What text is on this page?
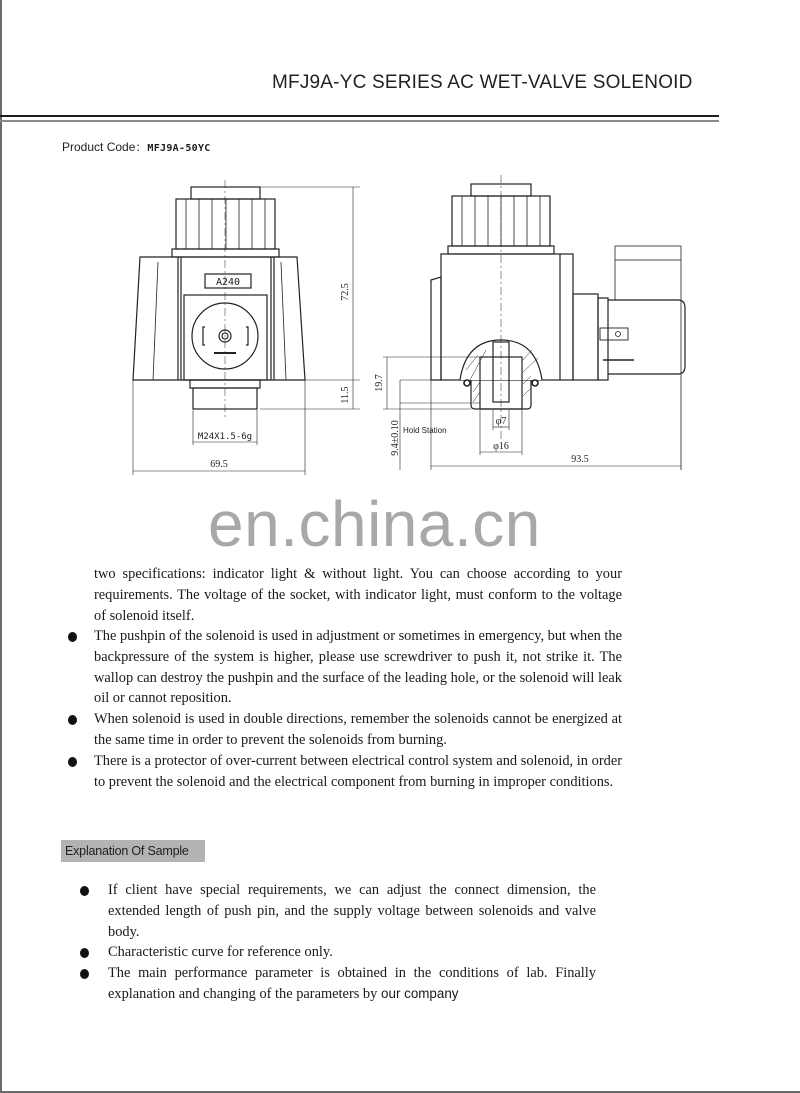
MFJ9A-YC SERIES AC WET-VALVE SOLENOID
Product Code：MFJ9A-50YC
A240
72.5
11.5
M24X1.5-6g
69.5
19.7
9.4±0.10 Hold Station
φ7
φ16
93.5
en.china.cn
two specifications: indicator light & without light. You can choose according to your requirements. The voltage of the socket, with indicator light, must conform to the voltage of solenoid itself.
The pushpin of the solenoid is used in adjustment or sometimes in emergency, but when the backpressure of the system is higher, please use screwdriver to push it, not strike it. The wallop can destroy the pushpin and the surface of the leading hole, or the solenoid will leak oil or cannot reposition.
When solenoid is used in double directions, remember the solenoids cannot be energized at the same time in order to prevent the solenoids from burning.
There is a protector of over-current between electrical control system and solenoid, in order to prevent the solenoid and the electrical component from burning in improper conditions.
Explanation Of Sample
If client have special requirements, we can adjust the connect dimension, the extended length of push pin, and the supply voltage between solenoids and valve body.
Characteristic curve for reference only.
The main performance parameter is obtained in the conditions of lab. Finally explanation and changing of the parameters by our company
